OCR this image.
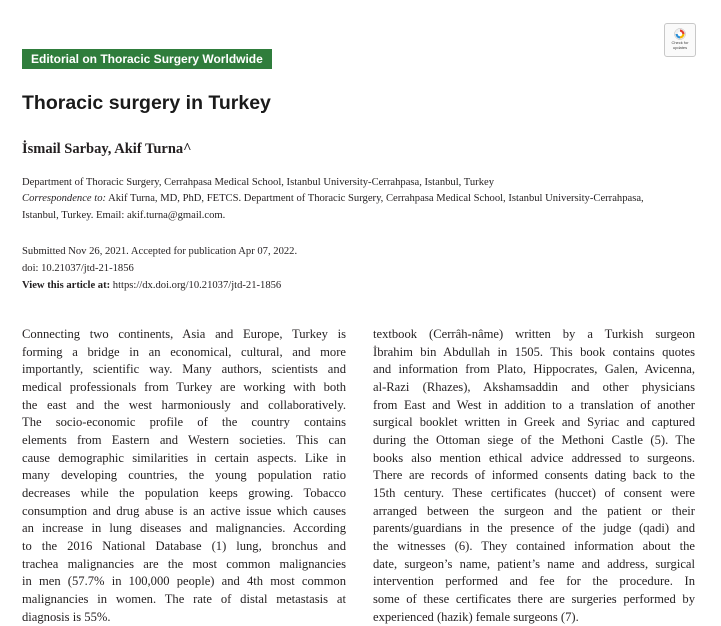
Editorial on Thoracic Surgery Worldwide
Check for
updates
Thoracic surgery in Turkey
İsmail Sarbay, Akif Turna^
Department of Thoracic Surgery, Cerrahpasa Medical School, Istanbul University-Cerrahpasa, Istanbul, Turkey
Correspondence to: Akif Turna, MD, PhD, FETCS. Department of Thoracic Surgery, Cerrahpasa Medical School, Istanbul University-Cerrahpasa,
Istanbul, Turkey. Email: akif.turna@gmail.com.
Submitted Nov 26, 2021. Accepted for publication Apr 07, 2022.
doi: 10.21037/jtd-21-1856
View this article at: https://dx.doi.org/10.21037/jtd-21-1856
Connecting two continents, Asia and Europe, Turkey is
forming a bridge in an economical, cultural, and more
importantly, scientific way. Many authors, scientists and
medical professionals from Turkey are working with both
the east and the west harmoniously and collaboratively.
The socio-economic profile of the country contains
elements from Eastern and Western societies. This can
cause demographic similarities in certain aspects. Like in
many developing countries, the young population ratio
decreases while the population keeps growing. Tobacco
consumption and drug abuse is an active issue which causes
an increase in lung diseases and malignancies. According
to the 2016 National Database (1) lung, bronchus and
trachea malignancies are the most common malignancies
in men (57.7% in 100,000 people) and 4th most common
malignancies in women. The rate of distal metastasis at
diagnosis is 55%.
textbook (Cerrâh-nâme) written by a Turkish surgeon
İbrahim bin Abdullah in 1505. This book contains quotes
and information from Plato, Hippocrates, Galen, Avicenna,
al-Razi (Rhazes), Akshamsaddin and other physicians
from East and West in addition to a translation of another
surgical booklet written in Greek and Syriac and captured
during the Ottoman siege of the Methoni Castle (5). The
books also mention ethical advice addressed to surgeons.
There are records of informed consents dating back to the
15th century. These certificates (huccet) of consent were
arranged between the surgeon and the patient or their
parents/guardians in the presence of the judge (qadi) and
the witnesses (6). They contained information about the
date, surgeon’s name, patient’s name and address, surgical
intervention performed and fee for the procedure. In
some of these certificates there are surgeries performed by
experienced (hazik) female surgeons (7).
